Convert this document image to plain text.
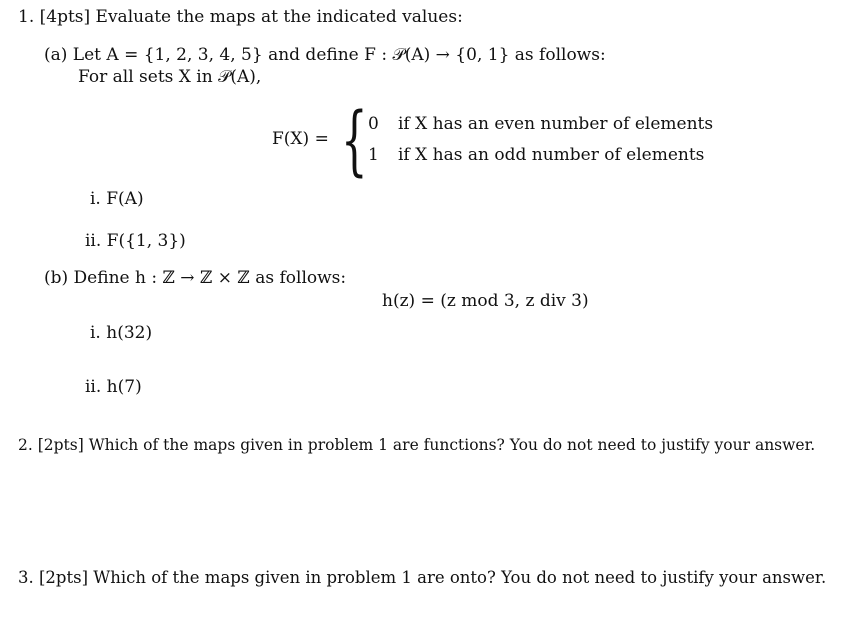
1. [4pts] Evaluate the maps at the indicated values:
(a) Let A = {1, 2, 3, 4, 5} and define F : 𝒫(A) → {0, 1} as follows:
For all sets X in 𝒫(A),
F(X) = { 0 if X has an even number of elements
1 if X has an odd number of elements
i. F(A)
ii. F({1, 3})
(b) Define h : ℤ → ℤ × ℤ as follows:
h(z) = (z mod 3, z div 3)
i. h(32)
ii. h(7)
2. [2pts] Which of the maps given in problem 1 are functions? You do not need to justify your answer.
3. [2pts] Which of the maps given in problem 1 are onto? You do not need to justify your answer.
